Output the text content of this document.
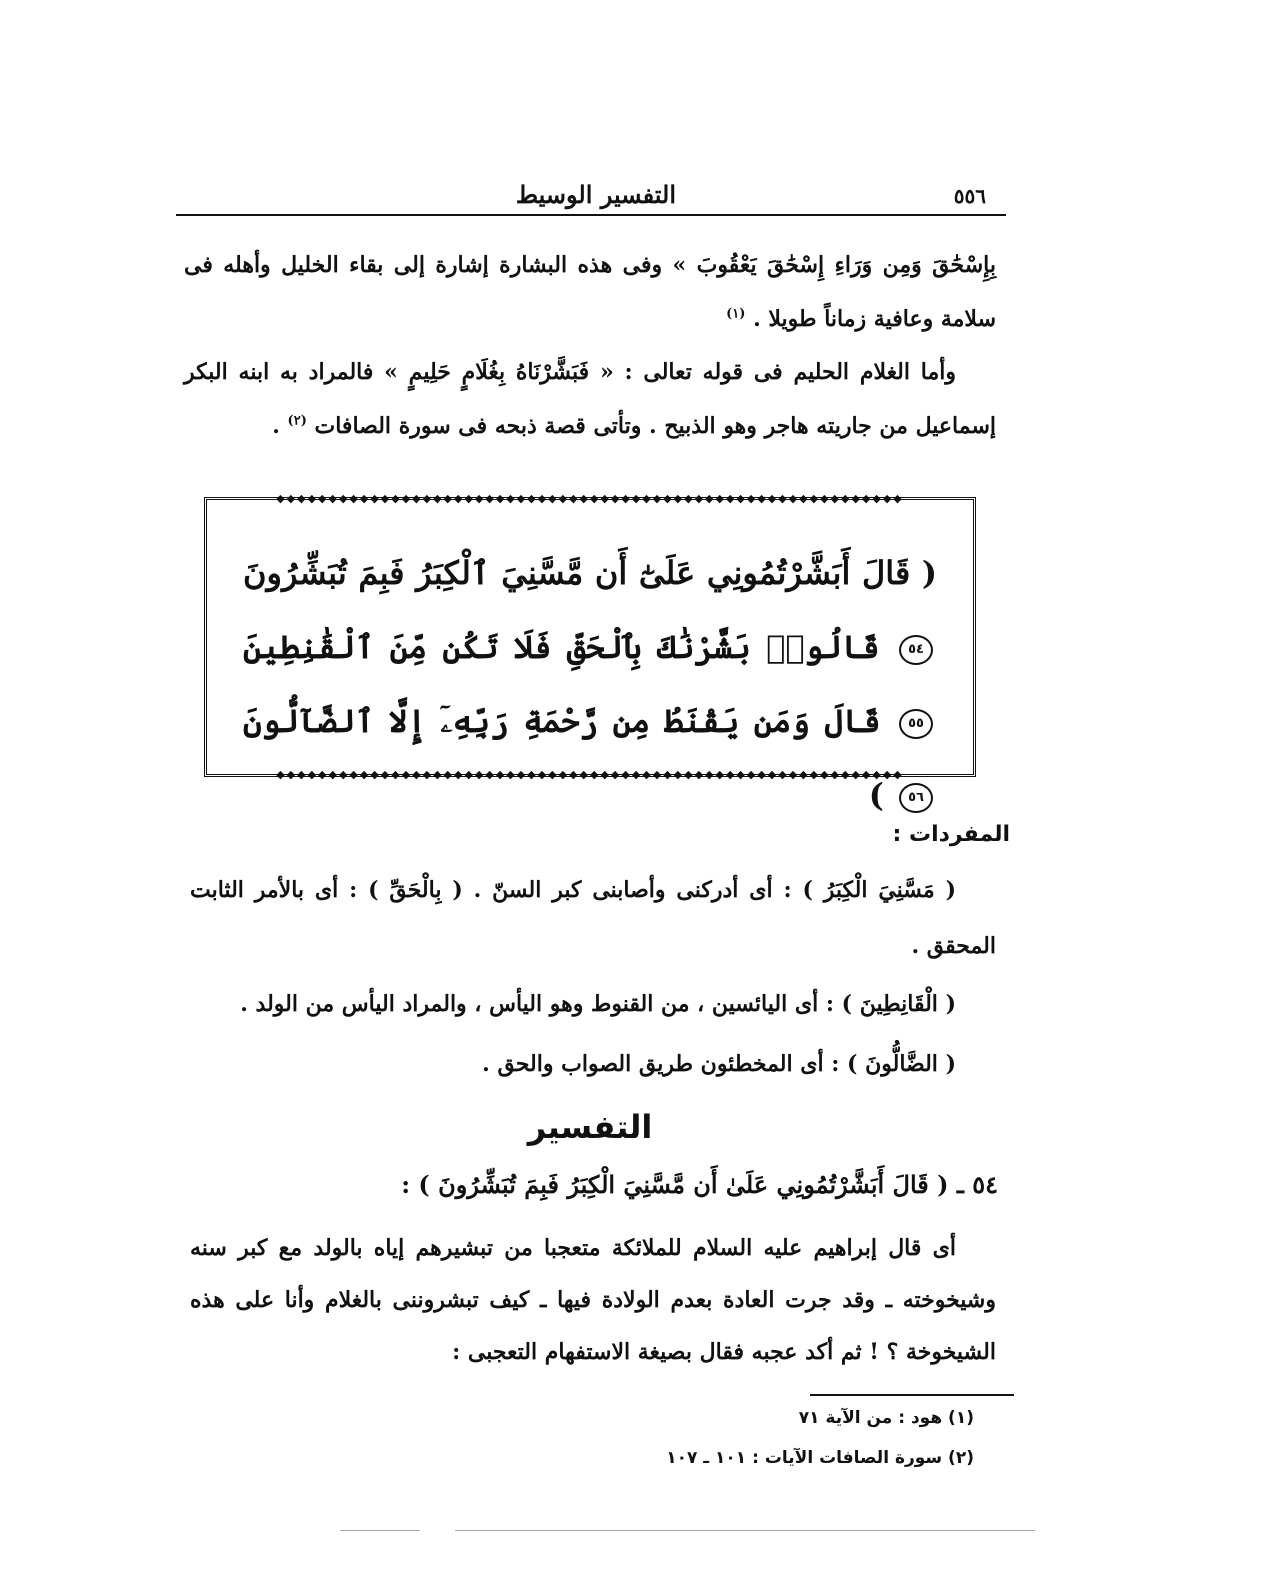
٥٥٦
التفسير الوسيط
بِإِسْحَٰقَ وَمِن وَرَاءِ إِسْحَٰقَ يَعْقُوبَ » وفى هذه البشارة إشارة إلى بقاء الخليل وأهله فى سلامة وعافية زماناً طويلا . $^{(١)}$
وأما الغلام الحليم فى قوله تعالى : « فَبَشَّرْنَاهُ بِغُلَامٍ حَلِيمٍ » فالمراد به ابنه البكر إسماعيل من جاريته هاجر وهو الذبيح . وتأتى قصة ذبحه فى سورة الصافات $^{(٢)}$ .
◆◆◆◆◆◆◆◆◆◆◆◆◆◆◆◆◆◆◆◆◆◆◆◆◆◆◆◆◆◆◆◆◆◆◆◆◆◆◆◆◆◆◆◆◆◆◆◆◆◆◆◆◆◆◆◆◆◆◆◆
( قَالَ أَبَشَّرْتُمُونِي عَلَىٰٓ أَن مَّسَّنِيَ ٱلْكِبَرُ فَبِمَ تُبَشِّرُونَ ٥٤ قَالُوا۟ بَشَّرْنَٰكَ بِٱلْحَقِّ فَلَا تَكُن مِّنَ ٱلْقَٰنِطِينَ ٥٥ قَالَ وَمَن يَقْنَطُ مِن رَّحْمَةِ رَبِّهِۦٓ إِلَّا ٱلضَّآلُّونَ ٥٦ )
◆◆◆◆◆◆◆◆◆◆◆◆◆◆◆◆◆◆◆◆◆◆◆◆◆◆◆◆◆◆◆◆◆◆◆◆◆◆◆◆◆◆◆◆◆◆◆◆◆◆◆◆◆◆◆◆◆◆◆◆
المفردات :
( مَسَّنِيَ الْكِبَرُ ) : أى أدركنى وأصابنى كبر السنّ . ( بِالْحَقِّ ) : أى بالأمر الثابت المحقق .
( الْقَانِطِينَ ) : أى اليائسين ، من القنوط وهو اليأس ، والمراد اليأس من الولد .
( الضَّالُّونَ ) : أى المخطئون طريق الصواب والحق .
التفسير
٥٤ ـ ( قَالَ أَبَشَّرْتُمُونِي عَلَىٰ أَن مَّسَّنِيَ الْكِبَرُ فَبِمَ تُبَشِّرُونَ ) :
أى قال إبراهيم عليه السلام للملائكة متعجبا من تبشيرهم إياه بالولد مع كبر سنه وشيخوخته ـ وقد جرت العادة بعدم الولادة فيها ـ كيف تبشروننى بالغلام وأنا على هذه الشيخوخة ؟ ! ثم أكد عجبه فقال بصيغة الاستفهام التعجبى :
(١) هود : من الآية ٧١
(٢) سورة الصافات الآيات : ١٠١ ـ ١٠٧
